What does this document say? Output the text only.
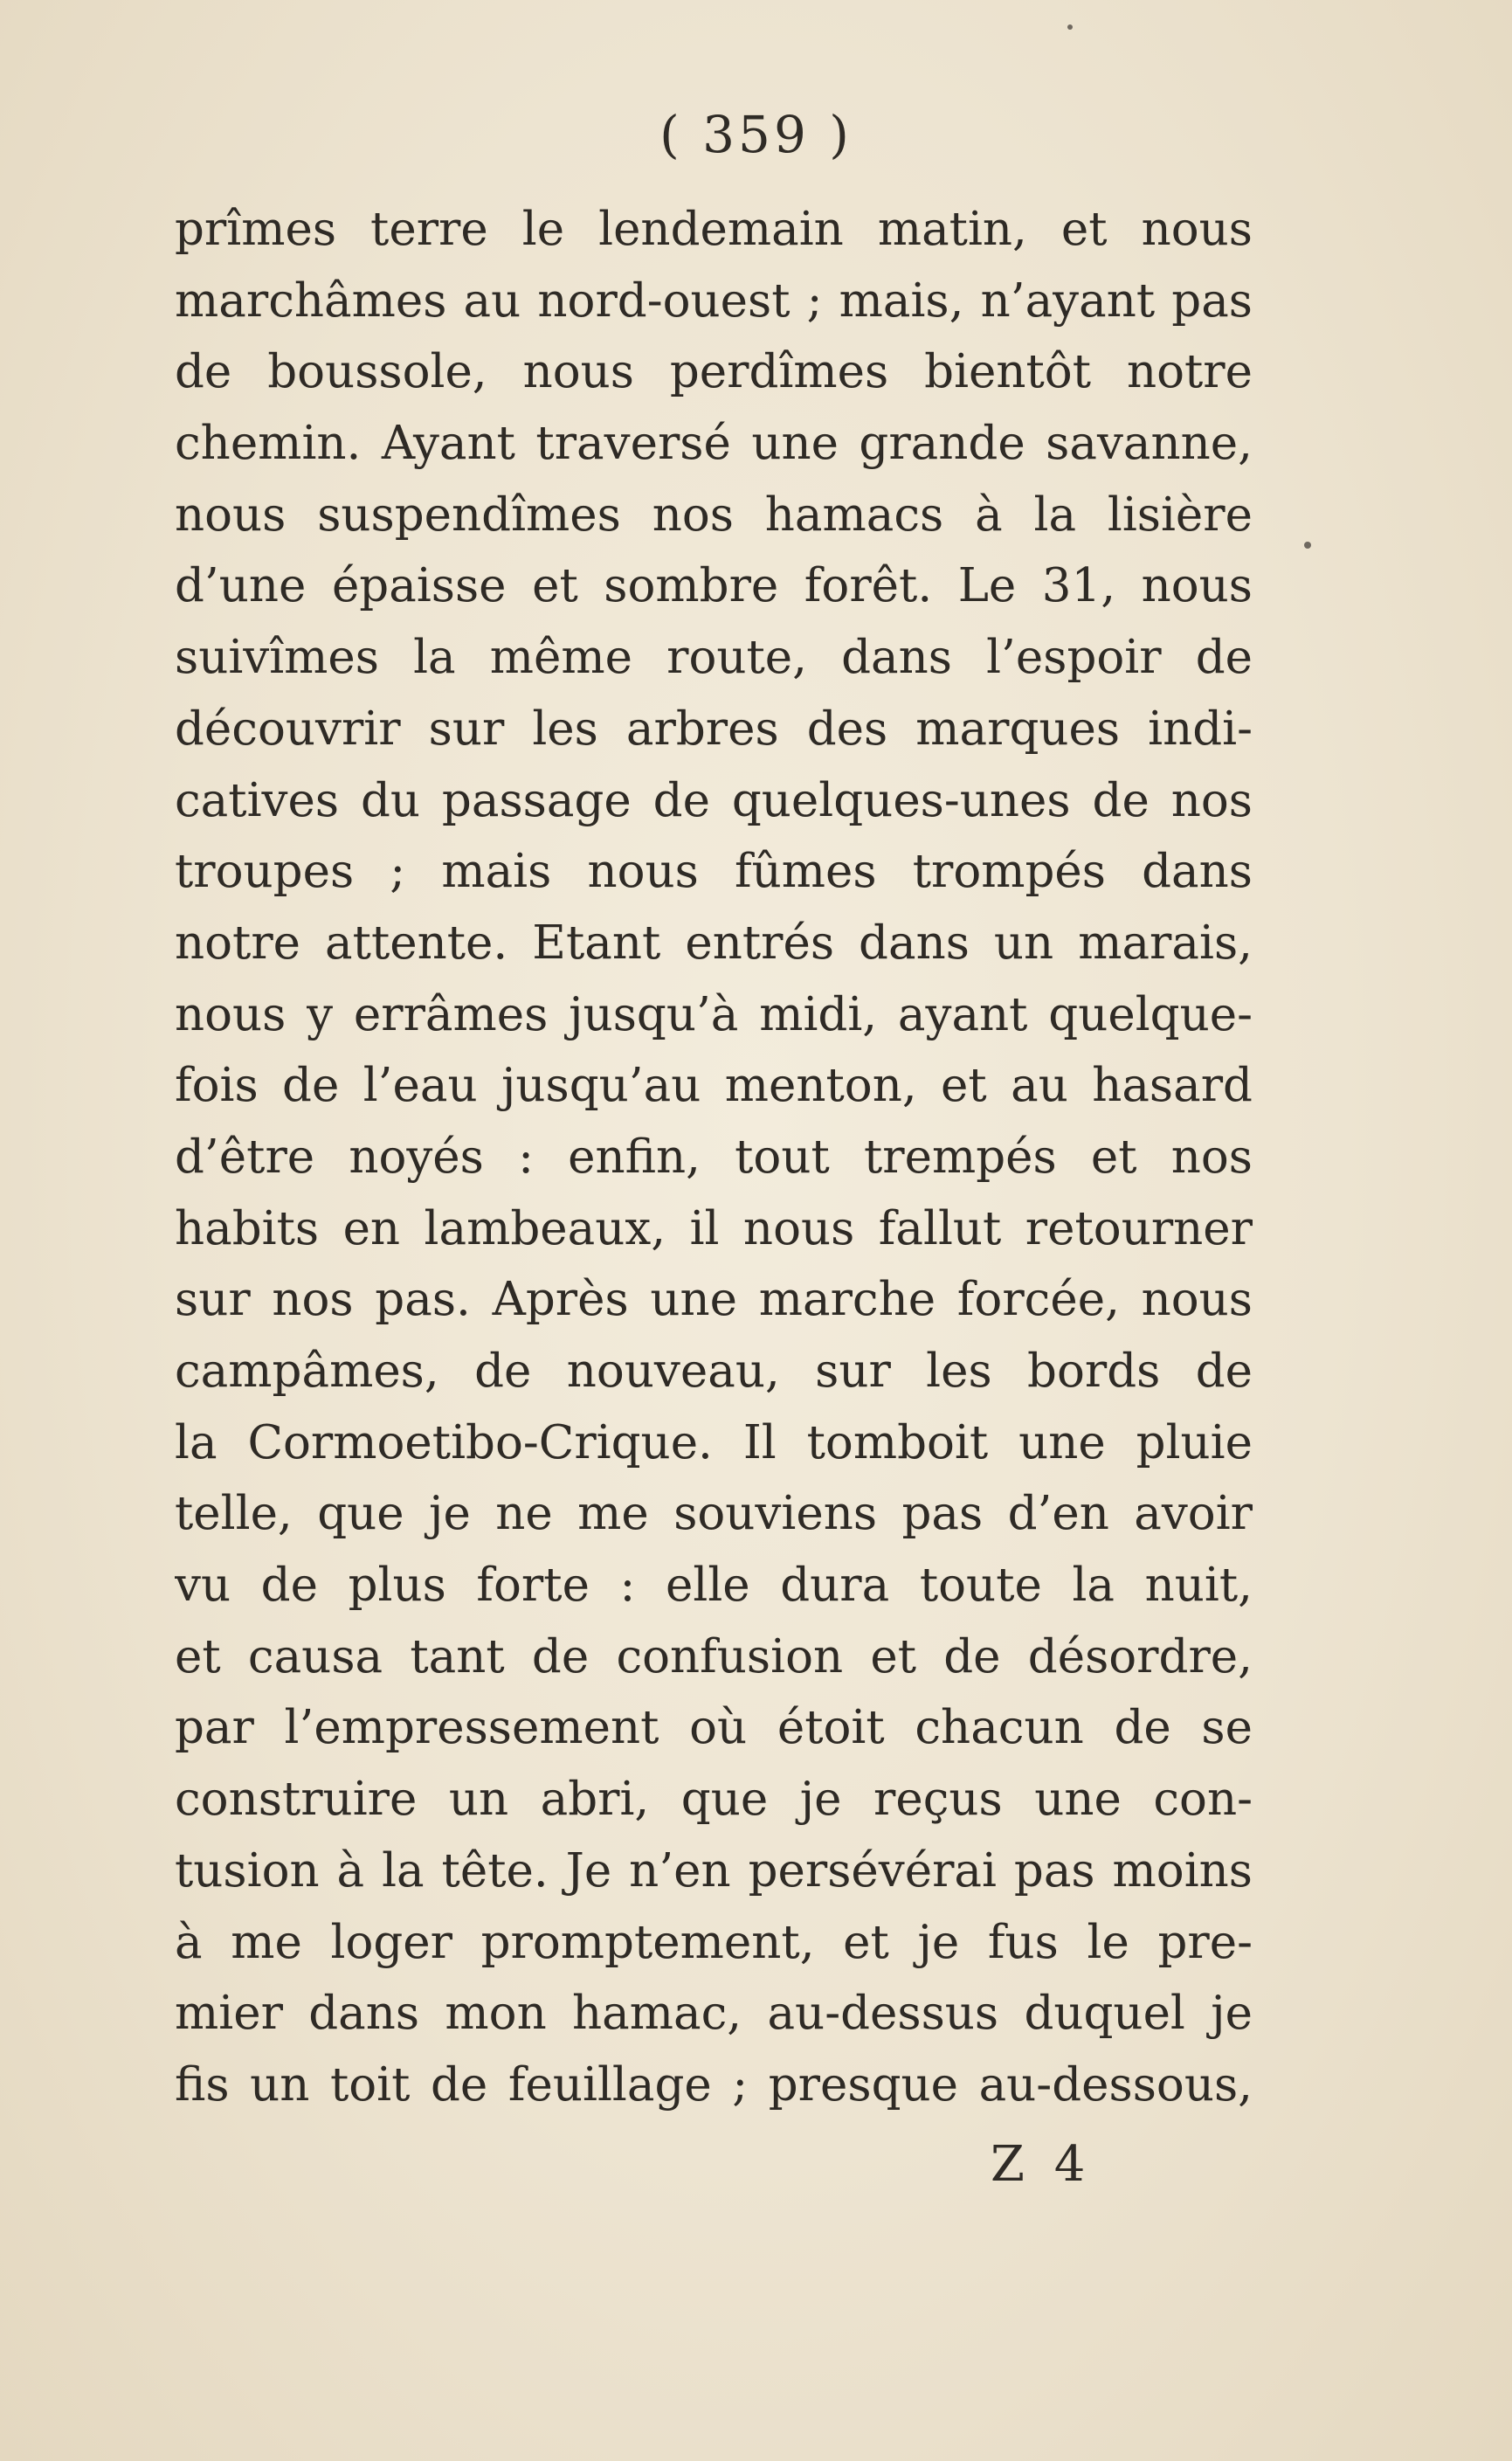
( 359 )
prîmes terre le lendemain matin, et nous
marchâmes au nord-ouest ; mais, n’ayant pas
de boussole, nous perdîmes bientôt notre
chemin. Ayant traversé une grande savanne,
nous suspendîmes nos hamacs à la lisière
d’une épaisse et sombre forêt. Le 31, nous
suivîmes la même route, dans l’espoir de
découvrir sur les arbres des marques indi-
catives du passage de quelques-unes de nos
troupes ; mais nous fûmes trompés dans
notre attente. Etant entrés dans un marais,
nous y errâmes jusqu’à midi, ayant quelque-
fois de l’eau jusqu’au menton, et au hasard
d’être noyés : enfin, tout trempés et nos
habits en lambeaux, il nous fallut retourner
sur nos pas. Après une marche forcée, nous
campâmes, de nouveau, sur les bords de
la Cormoetibo-Crique. Il tomboit une pluie
telle, que je ne me souviens pas d’en avoir
vu de plus forte : elle dura toute la nuit,
et causa tant de confusion et de désordre,
par l’empressement où étoit chacun de se
construire un abri, que je reçus une con-
tusion à la tête. Je n’en persévérai pas moins
à me loger promptement, et je fus le pre-
mier dans mon hamac, au-dessus duquel je
fis un toit de feuillage ; presque au-dessous,
Z 4
